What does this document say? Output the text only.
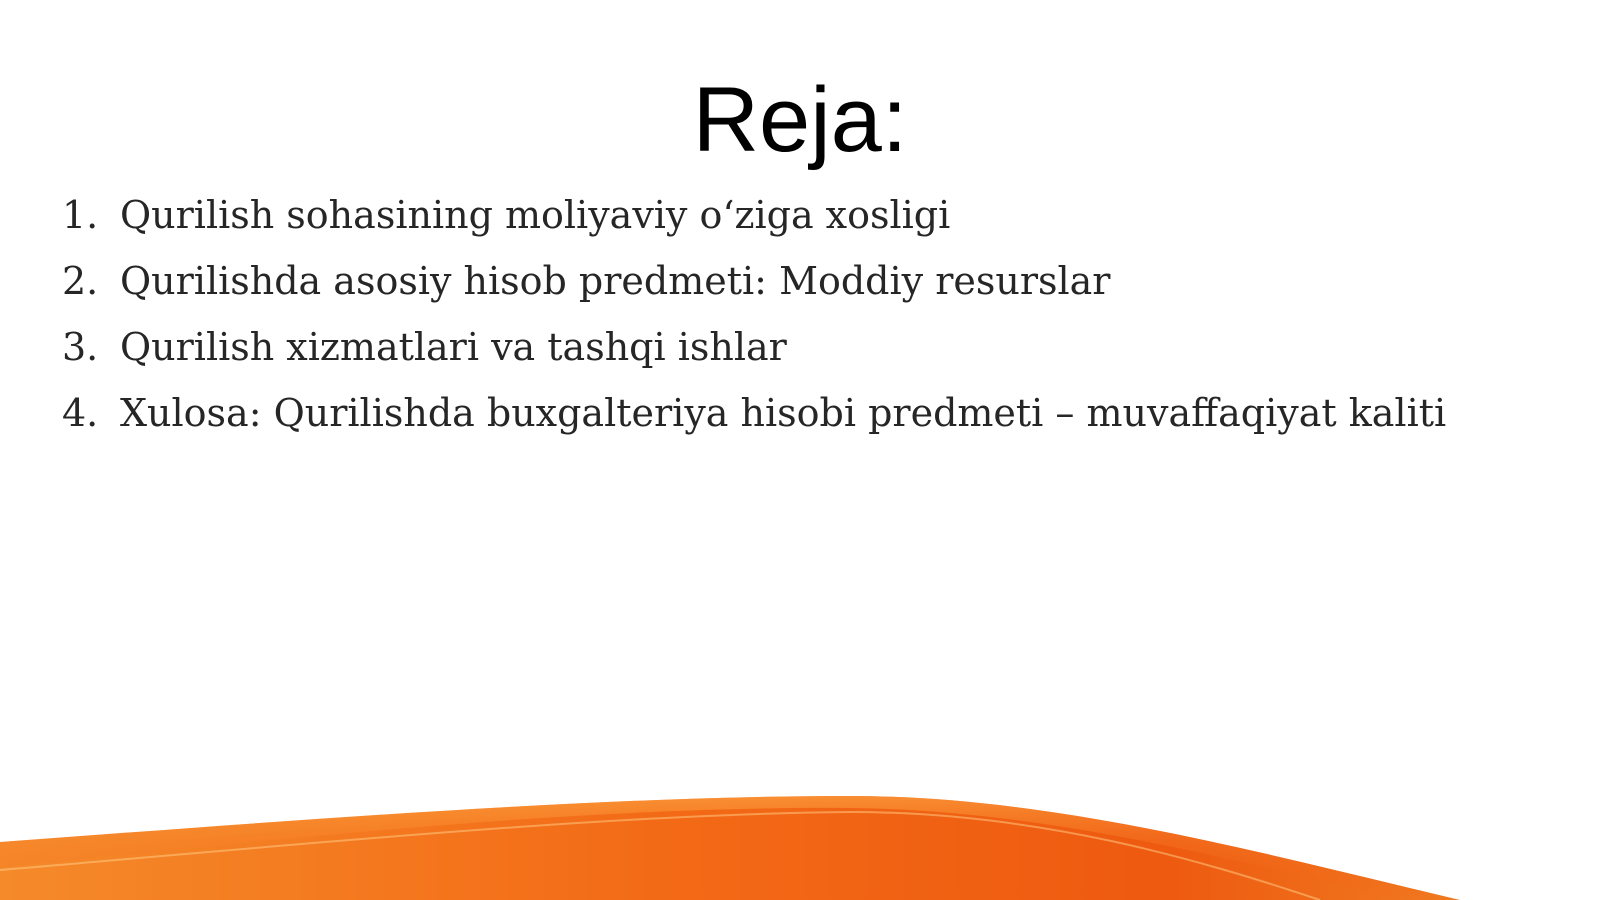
Reja:
1. Qurilish sohasining moliyaviy o‘ziga xosligi
2. Qurilishda asosiy hisob predmeti: Moddiy resurslar
3. Qurilish xizmatlari va tashqi ishlar
4. Xulosa: Qurilishda buxgalteriya hisobi predmeti – muvaffaqiyat kaliti
